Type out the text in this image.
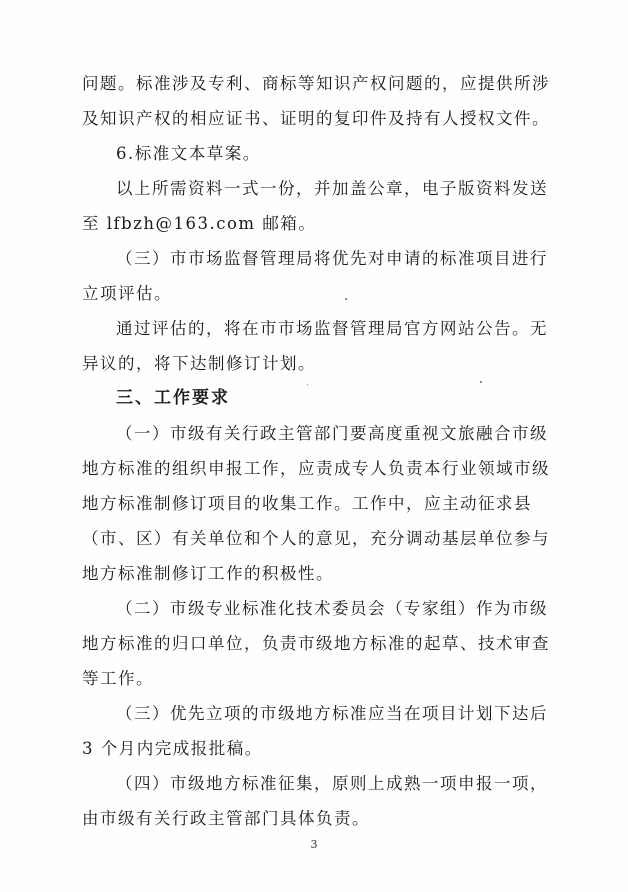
问题。标准涉及专利、商标等知识产权问题的，应提供所涉
及知识产权的相应证书、证明的复印件及持有人授权文件。

6.标准文本草案。

以上所需资料一式一份，并加盖公章，电子版资料发送
至 lfbzh@163.com 邮箱。

（三）市市场监督管理局将优先对申请的标准项目进行
立项评估。

通过评估的，将在市市场监督管理局官方网站公告。无
异议的，将下达制修订计划。

三、工作要求

（一）市级有关行政主管部门要高度重视文旅融合市级
地方标准的组织申报工作，应责成专人负责本行业领域市级
地方标准制修订项目的收集工作。工作中，应主动征求县
（市、区）有关单位和个人的意见，充分调动基层单位参与
地方标准制修订工作的积极性。

（二）市级专业标准化技术委员会（专家组）作为市级
地方标准的归口单位，负责市级地方标准的起草、技术审查
等工作。

（三）优先立项的市级地方标准应当在项目计划下达后
3 个月内完成报批稿。

（四）市级地方标准征集，原则上成熟一项申报一项，
由市级有关行政主管部门具体负责。

3
